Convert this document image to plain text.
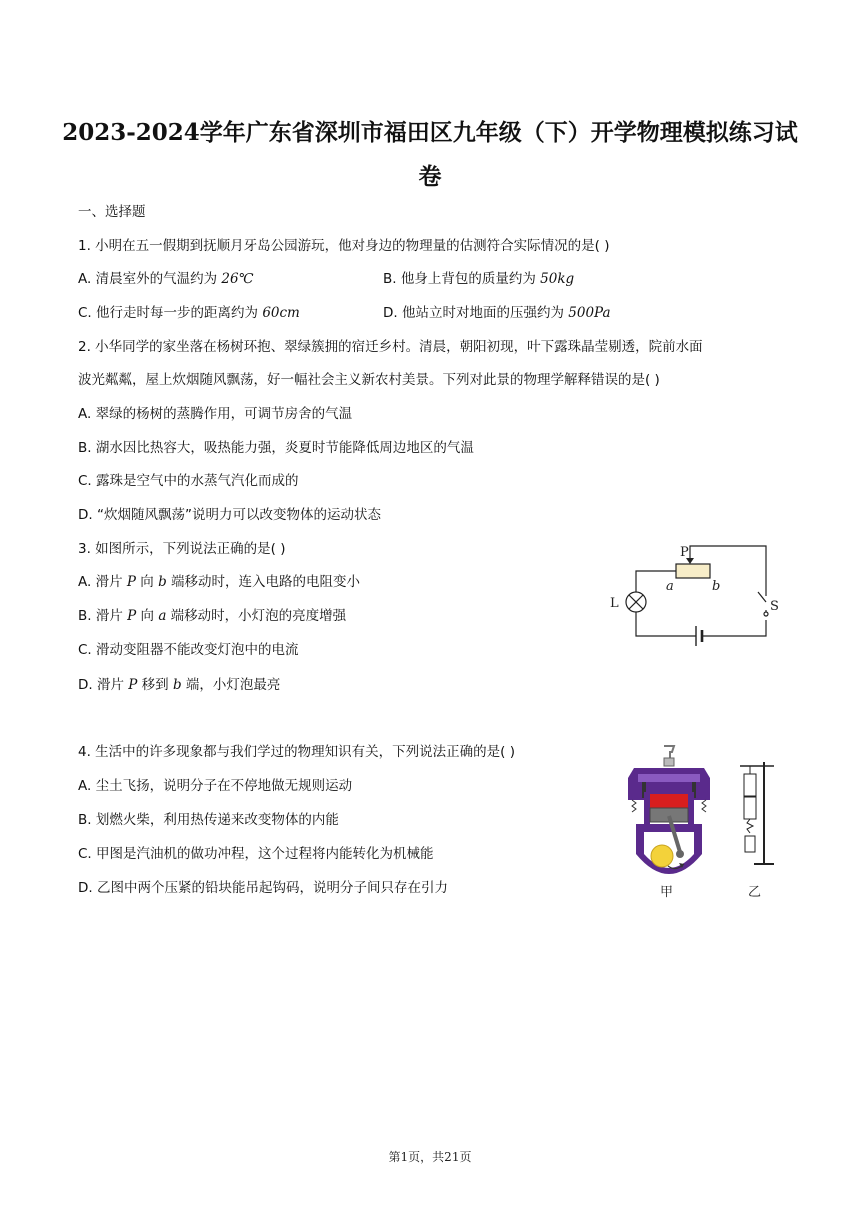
2023-2024学年广东省深圳市福田区九年级（下）开学物理模拟练习试
卷
一、选择题
1. 小明在五一假期到抚顺月牙岛公园游玩，他对身边的物理量的估测符合实际情况的是( )
A. 清晨室外的气温约为 26℃	B. 他身上背包的质量约为 50kg
C. 他行走时每一步的距离约为 60cm	D. 他站立时对地面的压强约为 500Pa
2. 小华同学的家坐落在杨树环抱、翠绿簇拥的宿迁乡村。清晨，朝阳初现，叶下露珠晶莹剔透，院前水面
波光粼粼，屋上炊烟随风飘荡，好一幅社会主义新农村美景。下列对此景的物理学解释错误的是( )
A. 翠绿的杨树的蒸腾作用，可调节房舍的气温
B. 湖水因比热容大，吸热能力强，炎夏时节能降低周边地区的气温
C. 露珠是空气中的水蒸气汽化而成的
D. “炊烟随风飘荡”说明力可以改变物体的运动状态
3. 如图所示，下列说法正确的是( )
A. 滑片 P 向 b 端移动时，连入电路的电阻变小
B. 滑片 P 向 a 端移动时，小灯泡的亮度增强
C. 滑动变阻器不能改变灯泡中的电流
D. 滑片 P 移到 b 端，小灯泡最亮
P
a	b
L	S
4. 生活中的许多现象都与我们学过的物理知识有关，下列说法正确的是( )
A. 尘土飞扬，说明分子在不停地做无规则运动
B. 划燃火柴，利用热传递来改变物体的内能
C. 甲图是汽油机的做功冲程，这个过程将内能转化为机械能
D. 乙图中两个压紧的铅块能吊起钩码，说明分子间只存在引力	甲	乙
第1页，共21页
